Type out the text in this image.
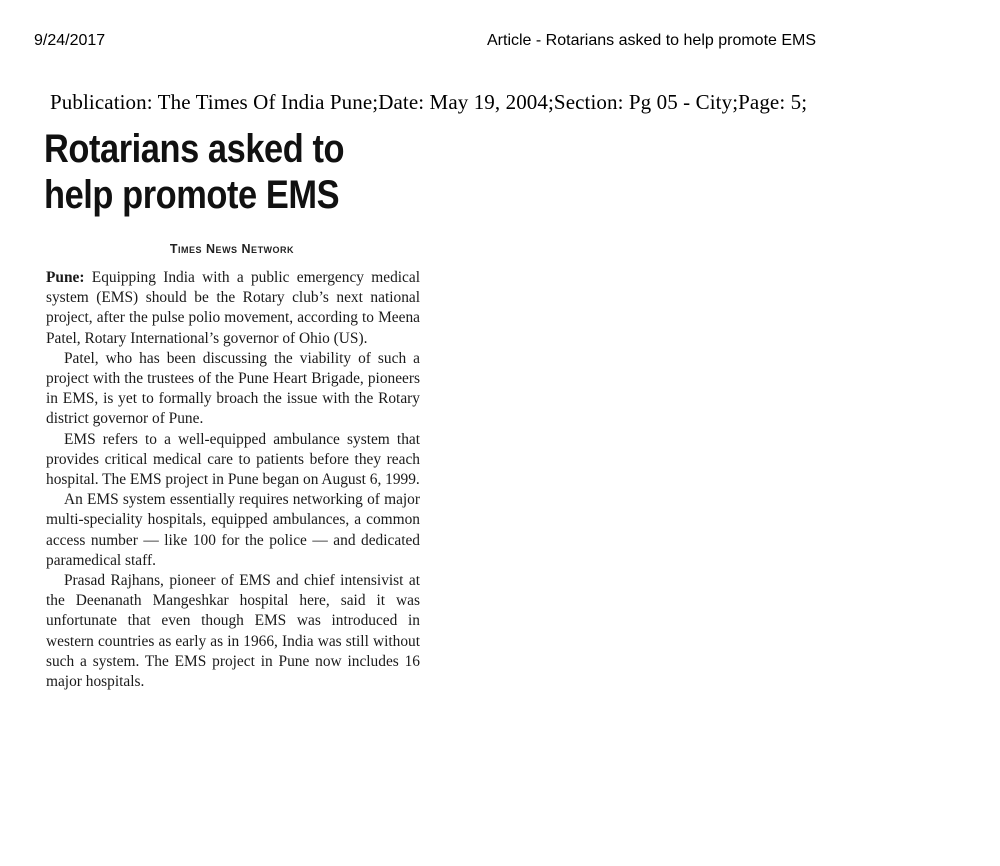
9/24/2017	Article - Rotarians asked to help promote EMS
Publication: The Times Of India Pune;Date: May 19, 2004;Section: Pg 05 - City;Page: 5;
Rotarians asked to
help promote EMS
Times News Network

Pune: Equipping India with a public emergency medical system (EMS) should be the Rotary club’s next national project, after the pulse polio movement, according to Meena Patel, Rotary International’s governor of Ohio (US).

Patel, who has been discussing the viability of such a project with the trustees of the Pune Heart Brigade, pioneers in EMS, is yet to formally broach the issue with the Rotary district governor of Pune.

EMS refers to a well-equipped ambulance system that provides critical medical care to patients before they reach hospital. The EMS project in Pune began on August 6, 1999.

An EMS system essentially requires networking of major multi-speciality hospitals, equipped ambulances, a common access number — like 100 for the police — and dedicated paramedical staff.

Prasad Rajhans, pioneer of EMS and chief intensivist at the Deenanath Mangeshkar hospital here, said it was unfortunate that even though EMS was introduced in western countries as early as in 1966, India was still without such a system. The EMS project in Pune now includes 16 major hospitals.
